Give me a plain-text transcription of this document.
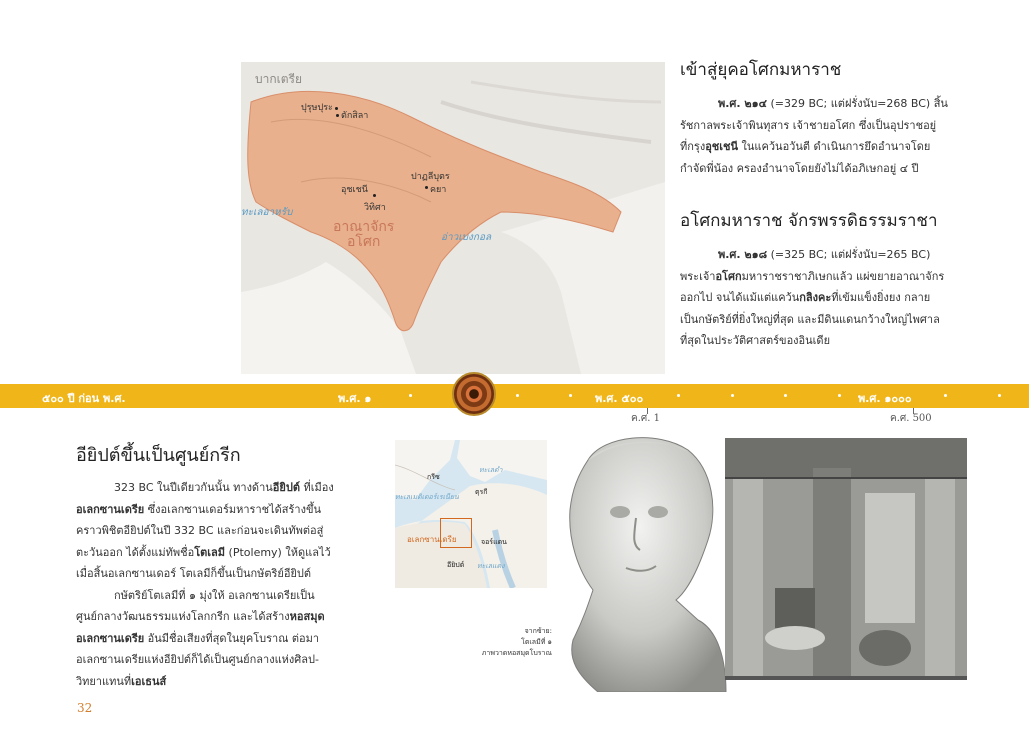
บากเตรีย
ปุรุษปุระ
ตักสิลา
ปาฏลีบุตร
คยา
อุชเชนี
วิทิศา
ทะเลอาหรับ
อ่าวเบงกอล
อาณาจักร
อโศก
เข้าสู่ยุคอโศกมหาราช

พ.ศ. ๒๑๔ (=329 BC; แต่ฝรั่งนับ=268 BC) สิ้น
รัชกาลพระเจ้าพินทุสาร เจ้าชายอโศก ซึ่งเป็นอุปราชอยู่
ที่กรุงอุชเชนี ในแคว้นอวันตี ดำเนินการยึดอำนาจโดย
กำจัดพี่น้อง ครองอำนาจโดยยังไม่ได้อภิเษกอยู่ ๔ ปี

อโศกมหาราช จักรพรรดิธรรมราชา

พ.ศ. ๒๑๘ (=325 BC; แต่ฝรั่งนับ=265 BC)
พระเจ้าอโศกมหาราชราชาภิเษกแล้ว แผ่ขยายอาณาจักร
ออกไป จนได้แม้แต่แคว้นกลิงคะที่เข้มแข็งยิ่งยง กลาย
เป็นกษัตริย์ที่ยิ่งใหญ่ที่สุด และมีดินแดนกว้างใหญ่ไพศาล
ที่สุดในประวัติศาสตร์ของอินเดีย

๕๐๐ ปี ก่อน พ.ศ.	พ.ศ. ๑	พ.ศ. ๕๐๐	พ.ศ. ๑๐๐๐
ค.ศ. 1	ค.ศ. 500
อียิปต์ขึ้นเป็นศูนย์กรีก

323 BC ในปีเดียวกันนั้น ทางด้านอียิปต์ ที่เมือง
อเลกซานเดรีย ซึ่งอเลกซานเดอร์มหาราชได้สร้างขึ้น
คราวพิชิตอียิปต์ในปี 332 BC และก่อนจะเดินทัพต่อสู่
ตะวันออก ได้ตั้งแม่ทัพชื่อโตเลมี (Ptolemy) ให้ดูแลไว้
เมื่อสิ้นอเลกซานเดอร์ โตเลมีก็ขึ้นเป็นกษัตริย์อียิปต์

กษัตริย์โตเลมีที่ ๑ มุ่งให้ อเลกซานเดรียเป็น
ศูนย์กลางวัฒนธรรมแห่งโลกกรีก และได้สร้างหอสมุด
อเลกซานเดรีย อันมีชื่อเสียงที่สุดในยุคโบราณ ต่อมา
อเลกซานเดรียแห่งอียิปต์ก็ได้เป็นศูนย์กลางแห่งศิลป-
วิทยาแทนที่เอเธนส์

32
กรีซ
ทะเลดำ
ตุรกี
ทะเลเมดิเตอร์เรเนียน
อเลกซานเดรีย	จอร์แดน
อียิปต์ ทะเลแดง
จากซ้าย:
โตเลมีที่ ๑
ภาพวาดหอสมุดโบราณ
